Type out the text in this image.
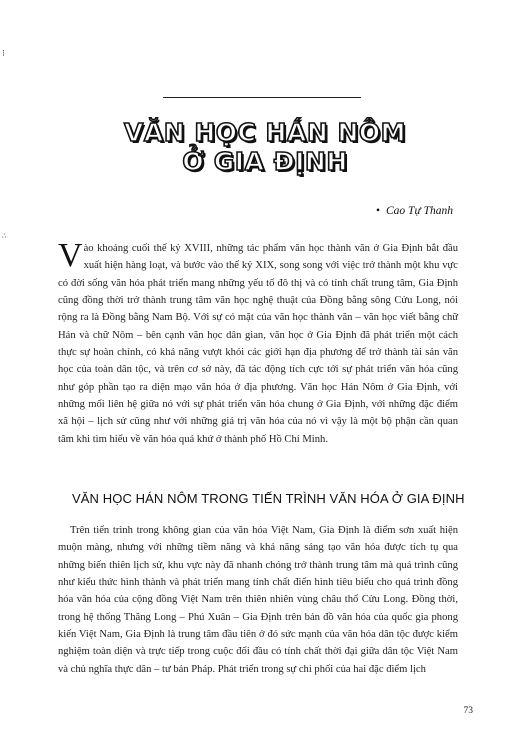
⁝
∴
VĂN HỌC HÁN NÔM
Ở GIA ĐỊNH
• Cao Tự Thanh
Vào khoảng cuối thế kỷ XVIII, những tác phẩm văn học thành văn ở Gia Định bắt đầu xuất hiện hàng loạt, và bước vào thế kỷ XIX, song song với việc trở thành một khu vực có đời sống văn hóa phát triển mang những yếu tố đô thị và có tính chất trung tâm, Gia Định cũng đồng thời trở thành trung tâm văn học nghệ thuật của Đồng bằng sông Cửu Long, nói rộng ra là Đồng bằng Nam Bộ. Với sự có mặt của văn học thành văn – văn học viết bằng chữ Hán và chữ Nôm – bên cạnh văn học dân gian, văn học ở Gia Định đã phát triển một cách thực sự hoàn chỉnh, có khả năng vượt khỏi các giới hạn địa phương để trở thành tài sản văn học của toàn dân tộc, và trên cơ sở này, đã tác động tích cực tới sự phát triển văn hóa cũng như góp phần tạo ra diện mạo văn hóa ở địa phương. Văn học Hán Nôm ở Gia Định, với những mối liên hệ giữa nó với sự phát triển văn hóa chung ở Gia Định, với những đặc điểm xã hội – lịch sử cũng như với những giá trị văn hóa của nó vì vậy là một bộ phận cần quan tâm khi tìm hiểu về văn hóa quá khứ ở thành phố Hồ Chí Minh.
VĂN HỌC HÁN NÔM TRONG TIẾN TRÌNH VĂN HÓA Ở GIA ĐỊNH
Trên tiến trình trong không gian của văn hóa Việt Nam, Gia Định là điểm sơn xuất hiện muộn màng, nhưng với những tiềm năng và khả năng sáng tạo văn hóa được tích tụ qua những biến thiên lịch sử, khu vực này đã nhanh chóng trở thành trung tâm mà quá trình cũng như kiểu thức hình thành và phát triển mang tính chất điển hình tiêu biểu cho quá trình đồng hóa văn hóa của cộng đồng Việt Nam trên thiên nhiên vùng châu thổ Cửu Long. Đồng thời, trong hệ thống Thăng Long – Phú Xuân – Gia Định trên bản đồ văn hóa của quốc gia phong kiến Việt Nam, Gia Định là trung tâm đầu tiên ở đó sức mạnh của văn hóa dân tộc được kiểm nghiệm toàn diện và trực tiếp trong cuộc đối đầu có tính chất thời đại giữa dân tộc Việt Nam và chủ nghĩa thực dân – tư bản Pháp. Phát triển trong sự chi phối của hai đặc điểm lịch
73
